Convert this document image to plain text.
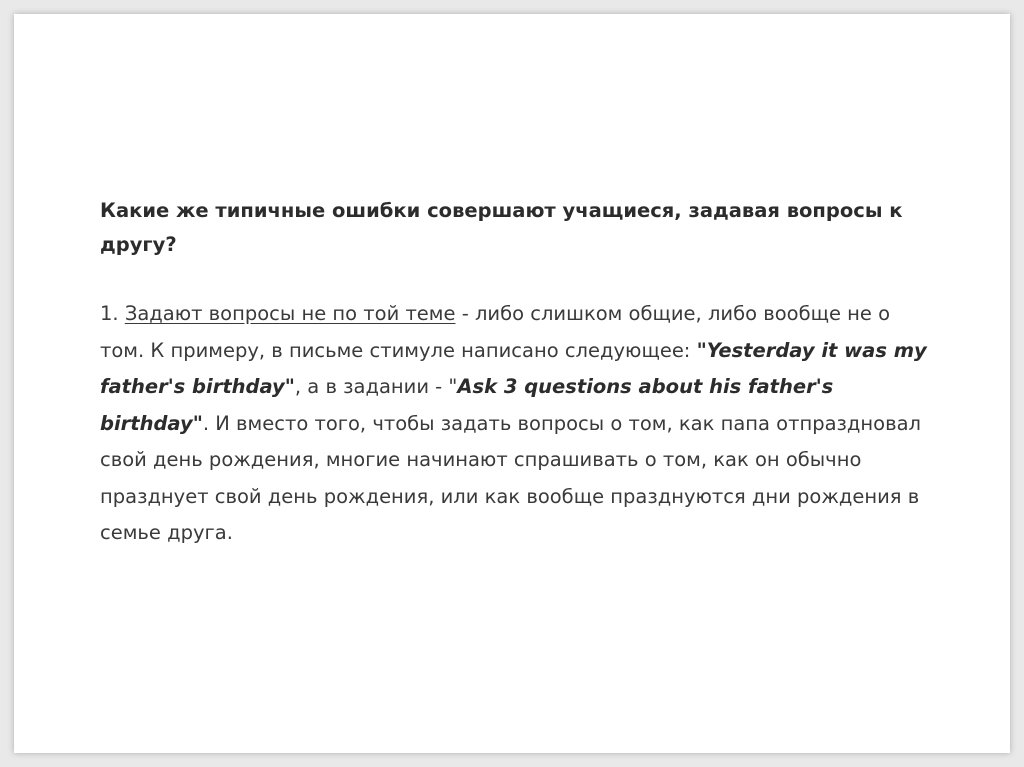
Какие же типичные ошибки совершают учащиеся, задавая вопросы к другу?

1. Задают вопросы не по той теме - либо слишком общие, либо вообще не о том. К примеру, в письме стимуле написано следующее: "Yesterday it was my father's birthday", а в задании - "Ask 3 questions about his father's birthday". И вместо того, чтобы задать вопросы о том, как папа отпраздновал свой день рождения, многие начинают спрашивать о том, как он обычно празднует свой день рождения, или как вообще празднуются дни рождения в семье друга.
